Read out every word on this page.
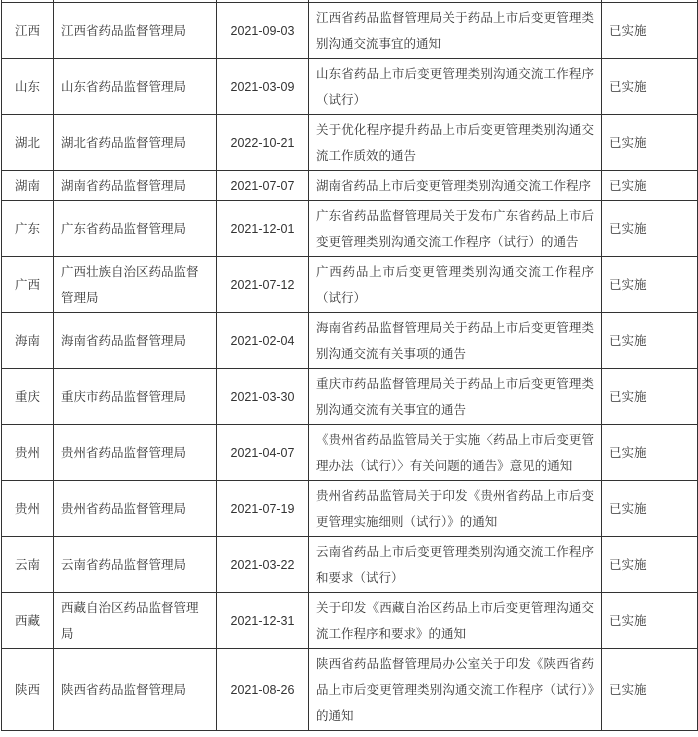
江西	江西省药品监督管理局	2021-09-03	江西省药品监督管理局关于药品上市后变更管理类别沟通交流事宜的通知	已实施
山东	山东省药品监督管理局	2021-03-09	山东省药品上市后变更管理类别沟通交流工作程序（试行）	已实施
湖北	湖北省药品监督管理局	2022-10-21	关于优化程序提升药品上市后变更管理类别沟通交流工作质效的通告	已实施
湖南	湖南省药品监督管理局	2021-07-07	湖南省药品上市后变更管理类别沟通交流工作程序	已实施
广东	广东省药品监督管理局	2021-12-01	广东省药品监督管理局关于发布广东省药品上市后变更管理类别沟通交流工作程序（试行）的通告	已实施
广西	广西壮族自治区药品监督管理局	2021-07-12	广西药品上市后变更管理类别沟通交流工作程序（试行）	已实施
海南	海南省药品监督管理局	2021-02-04	海南省药品监督管理局关于药品上市后变更管理类别沟通交流有关事项的通告	已实施
重庆	重庆市药品监督管理局	2021-03-30	重庆市药品监督管理局关于药品上市后变更管理类别沟通交流有关事宜的通告	已实施
贵州	贵州省药品监督管理局	2021-04-07	《贵州省药品监管局关于实施〈药品上市后变更管理办法（试行）〉有关问题的通告》意见的通知	已实施
贵州	贵州省药品监督管理局	2021-07-19	贵州省药品监管局关于印发《贵州省药品上市后变更管理实施细则（试行）》的通知	已实施
云南	云南省药品监督管理局	2021-03-22	云南省药品上市后变更管理类别沟通交流工作程序和要求（试行）	已实施
西藏	西藏自治区药品监督管理局	2021-12-31	关于印发《西藏自治区药品上市后变更管理沟通交流工作程序和要求》的通知	已实施
陕西	陕西省药品监督管理局	2021-08-26	陕西省药品监督管理局办公室关于印发《陕西省药品上市后变更管理类别沟通交流工作程序（试行）》的通知	已实施
